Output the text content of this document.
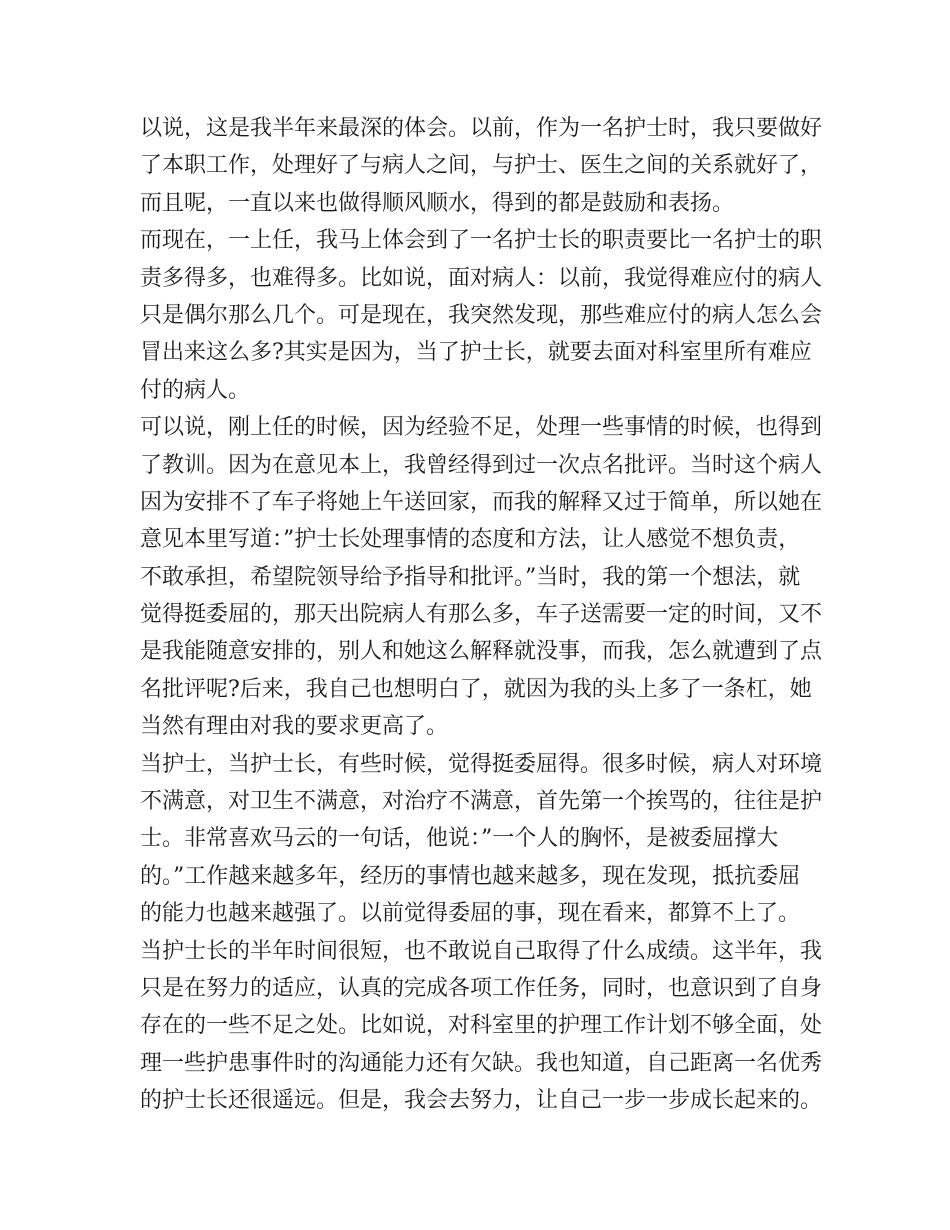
以说，这是我半年来最深的体会。以前，作为一名护士时，我只要做好
了本职工作，处理好了与病人之间，与护士、医生之间的关系就好了，
而且呢，一直以来也做得顺风顺水，得到的都是鼓励和表扬。
而现在，一上任，我马上体会到了一名护士长的职责要比一名护士的职
责多得多，也难得多。比如说，面对病人：以前，我觉得难应付的病人
只是偶尔那么几个。可是现在，我突然发现，那些难应付的病人怎么会
冒出来这么多?其实是因为，当了护士长，就要去面对科室里所有难应
付的病人。
可以说，刚上任的时候，因为经验不足，处理一些事情的时候，也得到
了教训。因为在意见本上，我曾经得到过一次点名批评。当时这个病人
因为安排不了车子将她上午送回家，而我的解释又过于简单，所以她在
意见本里写道：”护士长处理事情的态度和方法，让人感觉不想负责，
不敢承担，希望院领导给予指导和批评。”当时，我的第一个想法，就
觉得挺委屈的，那天出院病人有那么多，车子送需要一定的时间，又不
是我能随意安排的，别人和她这么解释就没事，而我，怎么就遭到了点
名批评呢?后来，我自己也想明白了，就因为我的头上多了一条杠，她
当然有理由对我的要求更高了。
当护士，当护士长，有些时候，觉得挺委屈得。很多时候，病人对环境
不满意，对卫生不满意，对治疗不满意，首先第一个挨骂的，往往是护
士。非常喜欢马云的一句话，他说：”一个人的胸怀，是被委屈撑大
的。”工作越来越多年，经历的事情也越来越多，现在发现，抵抗委屈
的能力也越来越强了。以前觉得委屈的事，现在看来，都算不上了。
当护士长的半年时间很短，也不敢说自己取得了什么成绩。这半年，我
只是在努力的适应，认真的完成各项工作任务，同时，也意识到了自身
存在的一些不足之处。比如说，对科室里的护理工作计划不够全面，处
理一些护患事件时的沟通能力还有欠缺。我也知道，自己距离一名优秀
的护士长还很遥远。但是，我会去努力，让自己一步一步成长起来的。
